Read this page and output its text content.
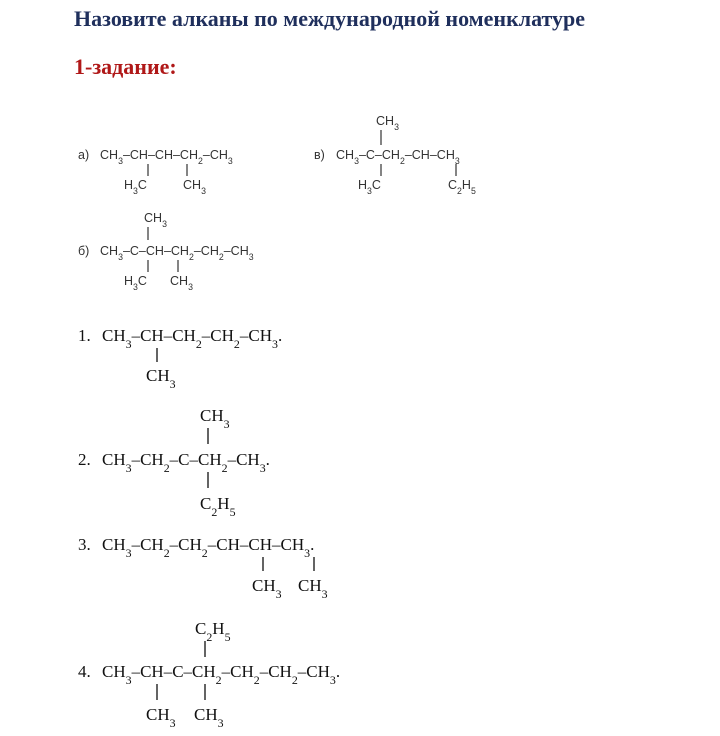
Назовите алканы по международной номенклатуре
1-задание:
а) $CH_3-CH-CH-CH_2-CH_3$
$H_3C$	$CH_3$
$CH_3$
в) $CH_3-C-CH_2-CH-CH_3$
$H_3C$	$C_2H_5$
$CH_3$
б) $CH_3-C-CH-CH_2-CH_2-CH_3$
$H_3C$ $CH_3$
1. $CH_3-CH-CH_2-CH_2-CH_3$.
$CH_3$
$CH_3$
2. $CH_3-CH_2-C-CH_2-CH_3$.
$C_2H_5$
3. $CH_3-CH_2-CH_2-CH-CH-CH_3$.
$CH_3$ $CH_3$
$C_2H_5$
4. $CH_3-CH-C-CH_2-CH_2-CH_2-CH_3$.
$CH_3$ $CH_3$
